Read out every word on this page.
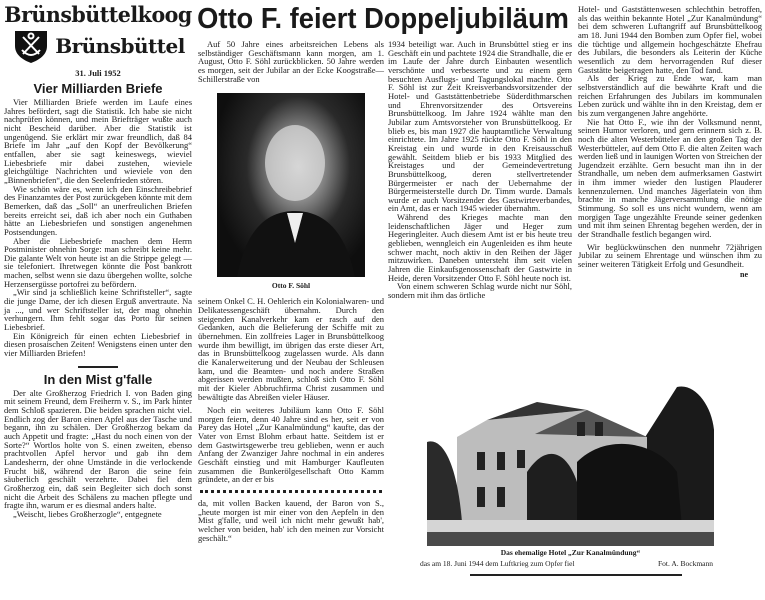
Brünsbüttelkoog
Brünsbüttel
31. Juli 1952
Vier Milliarden Briefe

Vier Milliarden Briefe werden im Laufe eines Jahres befördert, sagt die Statistik. Ich habe sie nicht nachprüfen können, und mein Briefträger wußte auch nicht Bescheid darüber. Aber die Statistik ist ungenügend. Sie erklärt mir zwar freundlich, daß 84 Briefe im Jahr „auf den Kopf der Bevölkerung“ entfallen, aber sie sagt keineswegs, wieviel Liebesbriefe mir dabei zustehen, wieviele gleichgültige Nachrichten und wieviele von den „Binnenbriefen“, die den Seelenfrieden stören.

Wie schön wäre es, wenn ich den Einschreibebrief des Finanzamtes der Post zurückgeben könnte mit dem Bemerken, daß das „Soll“ an unerfreulichen Briefen bereits erreicht sei, daß ich aber noch ein Guthaben hätte an Liebesbriefen und sonstigen angenehmen Postsendungen.

Aber die Liebesbriefe machen dem Herrn Postminister ohnehin Sorge: man schreibt keine mehr. Die galante Welt von heute ist an die Strippe gelegt — sie telefoniert. Ihretwegen könnte die Post bankrott machen, selbst wenn sie dazu übergehen wollte, solche Herzensergüsse portofrei zu befördern.

„Wir sind ja schließlich keine Schriftsteller“, sagte die junge Dame, der ich diesen Erguß anvertraute. Na ja ..., und wer Schriftsteller ist, der mag ohnehin verhungern. Ihm fehlt sogar das Porto für seinen Liebesbrief.

Ein Königreich für einen echten Liebesbrief in diesen prosaischen Zeiten! Wenigstens einen unter den vier Milliarden Briefen!

In den Mist g'falle

Der alte Großherzog Friedrich I. von Baden ging mit seinem Freund, dem Freiherrn v. S., im Park hinter dem Schloß spazieren. Die beiden sprachen nicht viel. Endlich zog der Baron einen Apfel aus der Tasche und begann, ihn zu schälen. Der Großherzog bekam da auch Appetit und fragte: „Hast du noch einen von der Sorte?“ Wortlos holte von S. einen zweiten, ebenso prachtvollen Apfel hervor und gab ihn dem Landesherrn, der ohne Umstände in die verlockende Frucht biß, während der Baron die seine fein säuberlich geschält verzehrte. Dabei fiel dem Großherzog ein, daß sein Begleiter sich doch sonst nicht die Arbeit des Schälens zu machen pflegte und fragte ihn, warum er es diesmal anders halte.

„Weischt, liebes Großherzogle“, entgegnete

Otto F. feiert Doppeljubiläum

Auf 50 Jahre eines arbeitsreichen Lebens als selbständiger Geschäftsmann kann morgen, am 1. August, Otto F. Söhl zurückblicken. 50 Jahre werden es morgen, seit der Jubilar an der Ecke Koogstraße—Schillerstraße von

Otto F. Söhl

seinem Onkel C. H. Oehlerich ein Kolonialwaren- und Delikatessengeschäft übernahm. Durch den steigenden Kanalverkehr kam er rasch auf den Gedanken, auch die Belieferung der Schiffe mit zu übernehmen. Ein zollfreies Lager in Brunsbüttelkoog wurde ihm bewilligt, im übrigen das erste dieser Art, das in Brunsbüttelkoog zugelassen wurde. Als dann die Kanalerweiterung und der Neubau der Schleusen kam, und die Beamten- und noch andere Straßen abgerissen werden mußten, schloß sich Otto F. Söhl mit der Kieler Abbruchfirma Christ zusammen und bewältigte das Abreißen vieler Häuser.

Noch ein weiteres Jubiläum kann Otto F. Söhl morgen feiern, denn 40 Jahre sind es her, seit er von Parey das Hotel „Zur Kanalmündung“ kaufte, das der Vater von Ernst Blohm erbaut hatte. Seitdem ist er dem Gastwirtsgewerbe treu geblieben, wenn er auch Anfang der Zwanziger Jahre nochmal in ein anderes Geschäft einstieg und mit Hamburger Kaufleuten zusammen die Bunkerölgesellschaft Otto Kamm gründete, an der er bis

da, mit vollen Backen kauend, der Baron von S., „heute morgen ist mir einer von den Aepfeln in den Mist g'falle, und weil ich nicht mehr gewußt hab', welcher von beiden, hab' ich den meinen zur Vorsicht geschält.“

1934 beteiligt war. Auch in Brunsbüttel stieg er ins Geschäft ein und pachtete 1924 die Strandhalle, die er im Laufe der Jahre durch Einbauten wesentlich verschönte und verbesserte und zu einem gern besuchten Ausflugs- und Tagungslokal machte. Otto F. Söhl ist zur Zeit Kreisverbandsvorsitzender der Hotel- und Gaststättenbetriebe Süderdithmarschen und Ehrenvorsitzender des Ortsvereins Brunsbüttelkoog. Im Jahre 1924 wählte man den Jubilar zum Amtsvorsteher von Brunsbüttelkoog. Er blieb es, bis man 1927 die hauptamtliche Verwaltung einrichtete. Im Jahre 1925 rückte Otto F. Söhl in den Kreistag ein und wurde in den Kreisausschuß gewählt. Seitdem blieb er bis 1933 Mitglied des Kreistages und der Gemeindevertretung Brunsbüttelkoog, deren stellvertretender Bürgermeister er nach der Uebernahme der Bürgermeisterstelle durch Dr. Timm wurde. Damals wurde er auch Vorsitzender des Gastwirteverbandes, ein Amt, das er nach 1945 wieder übernahm.

Während des Krieges machte man den leidenschaftlichen Jäger und Heger zum Hegeringleiter. Auch diesem Amt ist er bis heute treu geblieben, wenngleich ein Augenleiden es ihm heute schwer macht, noch aktiv in den Reihen der Jäger mitzuwirken. Daneben untersteht ihm seit vielen Jahren die Einkaufsgenossenschaft der Gastwirte in Heide, deren Vorsitzender Otto F. Söhl heute noch ist.

Von einem schweren Schlag wurde nicht nur Söhl, sondern mit ihm das örtliche

Hotel- und Gaststättenwesen schlechthin betroffen, als das weithin bekannte Hotel „Zur Kanalmündung“ bei dem schweren Luftangriff auf Brunsbüttelkoog am 18. Juni 1944 den Bomben zum Opfer fiel, wobei die tüchtige und allgemein hochgeschätzte Ehefrau des Jubilars, die besonders als Leiterin der Küche wesentlich zu dem hervorragenden Ruf dieser Gaststätte beigetragen hatte, den Tod fand.

Als der Krieg zu Ende war, kam man selbstverständlich auf die bewährte Kraft und die reichen Erfahrungen des Jubilars im kommunalen Leben zurück und wählte ihn in den Kreistag, dem er bis zum vergangenen Jahre angehörte.

Nie hat Otto F., wie ihn der Volksmund nennt, seinen Humor verloren, und gern erinnern sich z. B. noch die alten Westerbütteler an den großen Tag der Westerbütteler, auf dem Otto F. die alten Zeiten wach werden ließ und in launigen Worten von Streichen der Jugendzeit erzählte. Gern besucht man ihn in der Strandhalle, um neben dem aufmerksamen Gastwirt in ihm immer wieder den lustigen Plauderer kennenzulernen. Und manches Jägerlatein von ihm brachte in manche Jägerversammlung die nötige Stimmung. So soll es uns nicht wundern, wenn am morgigen Tage ungezählte Freunde seiner gedenken und mit ihm seinen Ehrentag begehen werden, der in der Strandhalle festlich begangen wird.

Wir beglückwünschen den nunmehr 72jährigen Jubilar zu seinem Ehrentage und wünschen ihm zu seiner weiteren Tätigkeit Erfolg und Gesundheit.

ne
Das ehemalige Hotel „Zur Kanalmündung“
das am 18. Juni 1944 dem Luftkrieg zum Opfer fiel	Fot. A. Bockmann
